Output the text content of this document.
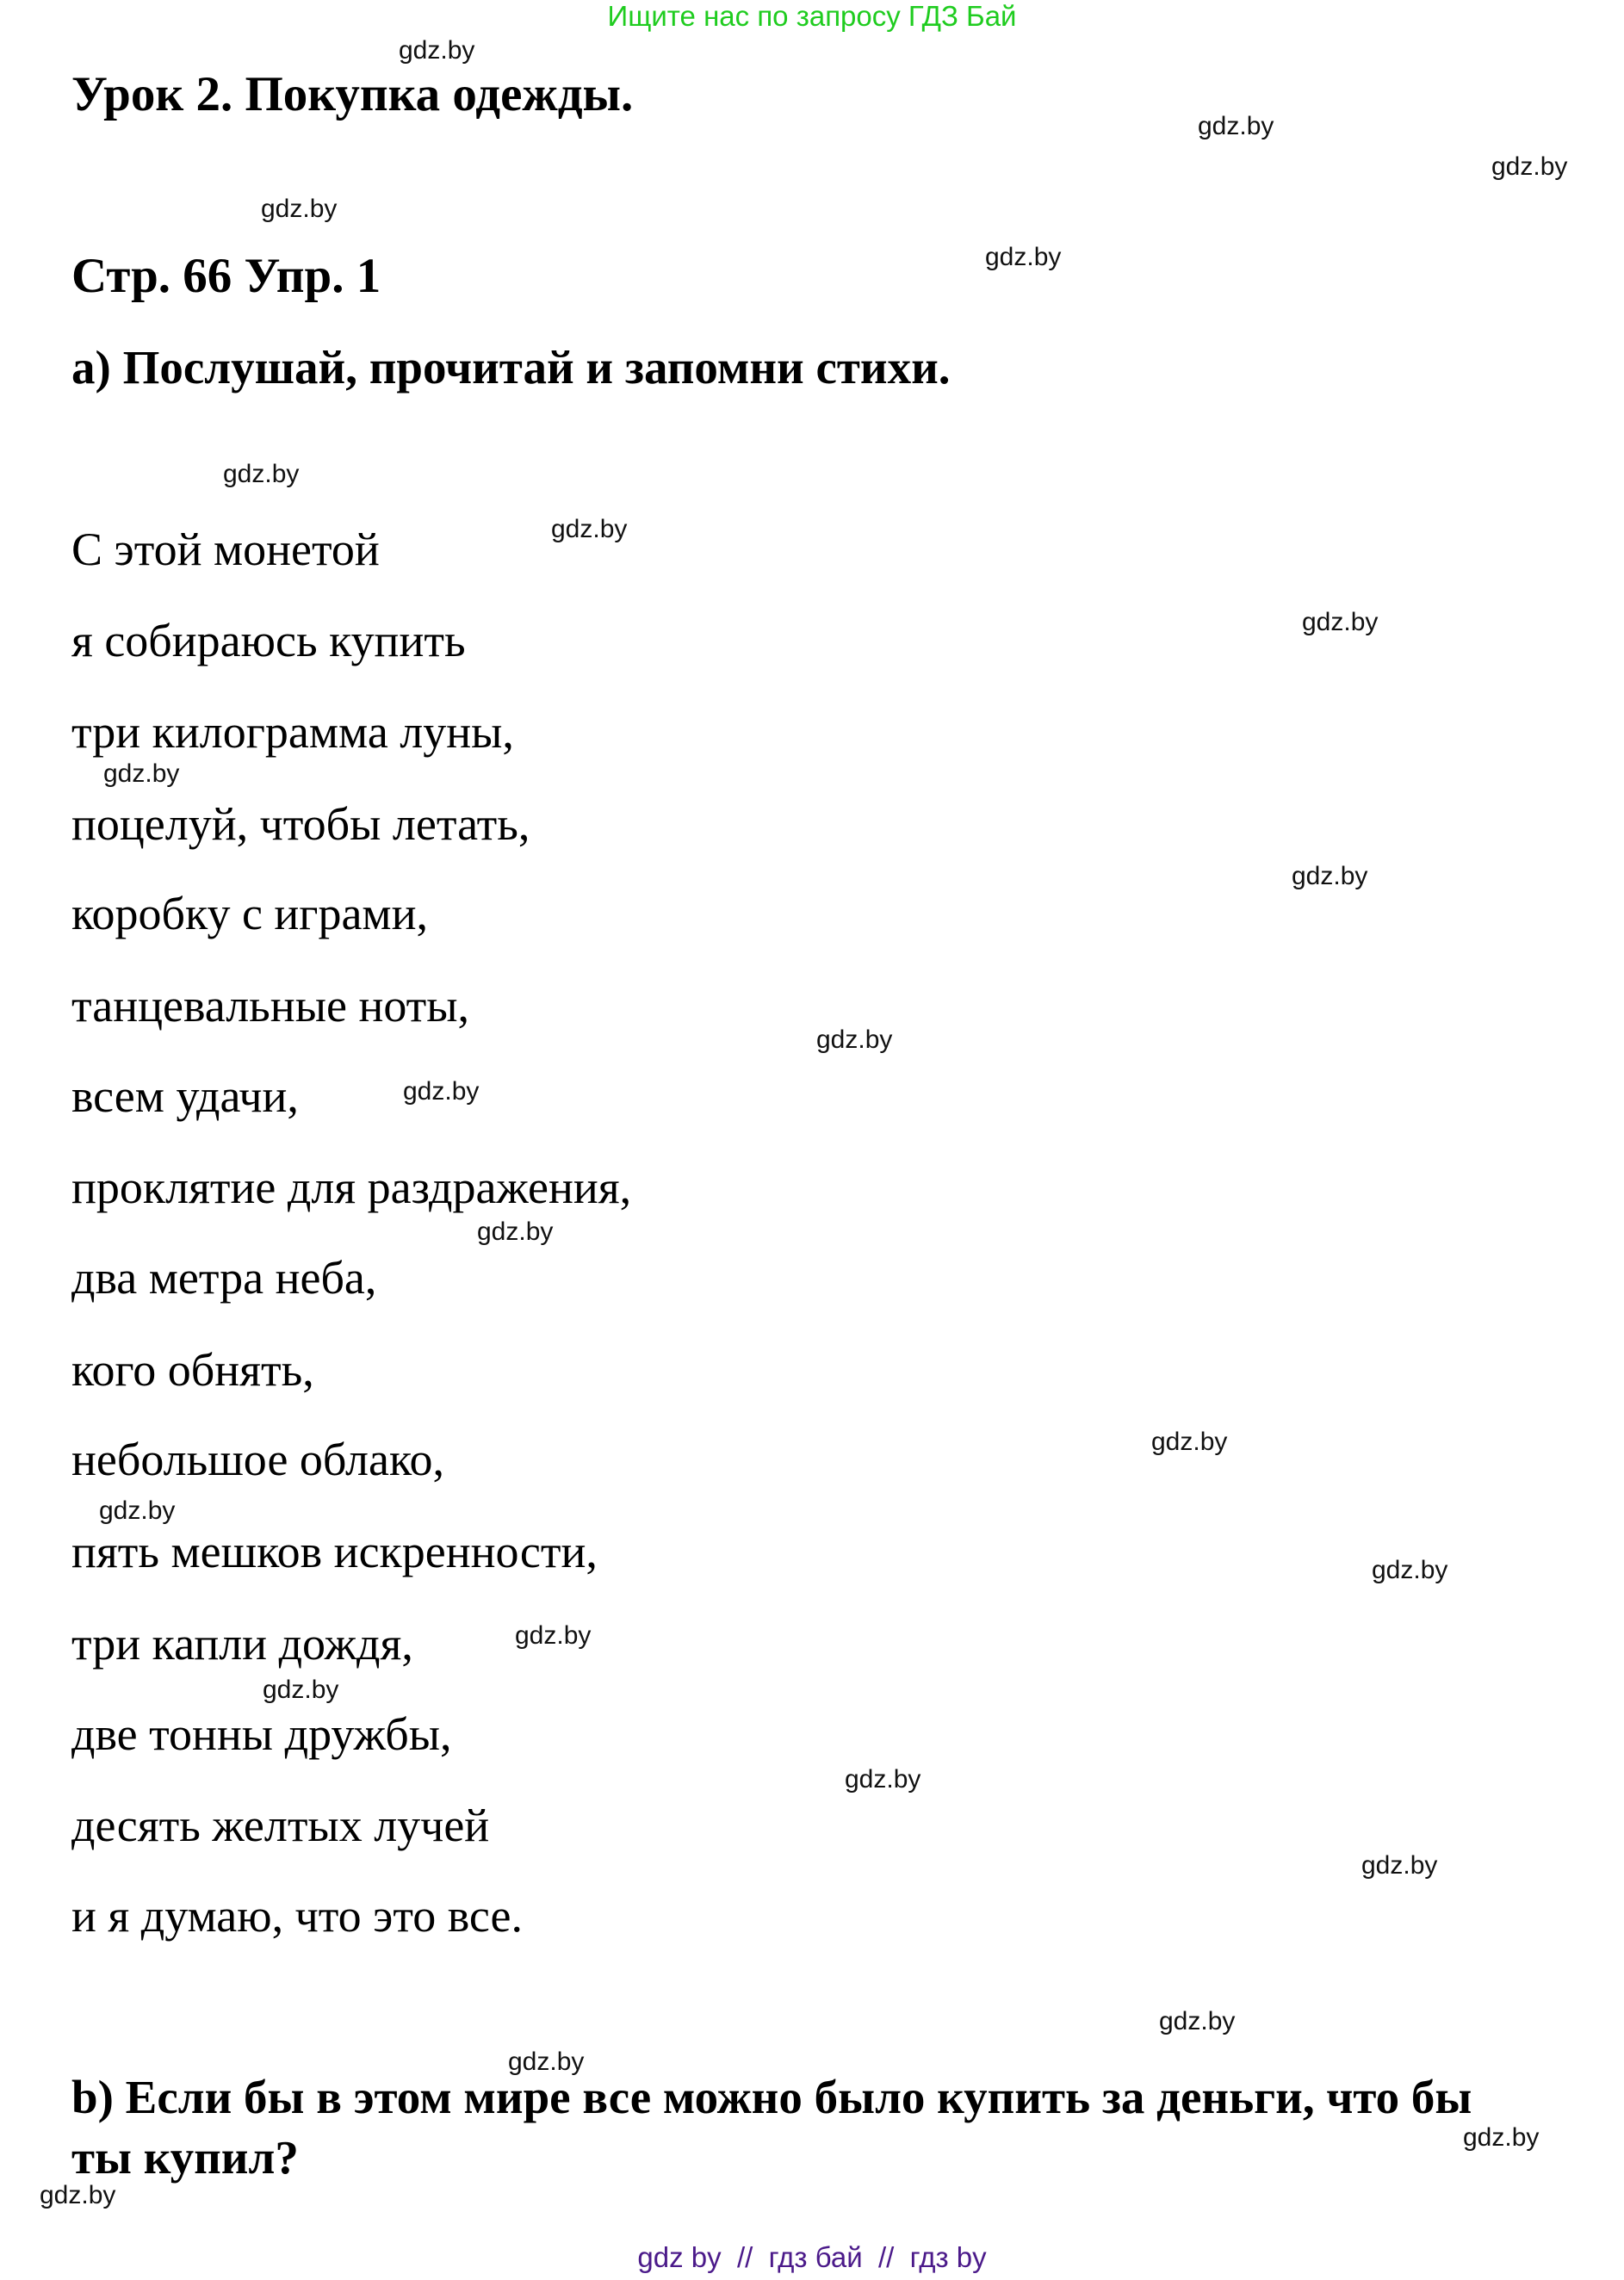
Ищите нас по запросу ГДЗ Бай
Урок 2. Покупка одежды.
Стр. 66 Упр. 1
а) Послушай, прочитай и запомни стихи.
С этой монетой
я собираюсь купить
три килограмма луны,
поцелуй, чтобы летать,
коробку с играми,
танцевальные ноты,
всем удачи,
проклятие для раздражения,
два метра неба,
кого обнять,
небольшое облако,
пять мешков искренности,
три капли дождя,
две тонны дружбы,
десять желтых лучей
и я думаю, что это все.
b) Если бы в этом мире все можно было купить за деньги, что бы
ты купил?
gdz.by
gdz.by
gdz.by
gdz.by
gdz.by
gdz.by
gdz.by
gdz.by
gdz.by
gdz.by
gdz.by
gdz.by
gdz.by
gdz.by
gdz.by
gdz.by
gdz.by
gdz.by
gdz.by
gdz.by
gdz.by
gdz.by
gdz.by
gdz.by
gdz by  //  гдз бай  //  гдз by
